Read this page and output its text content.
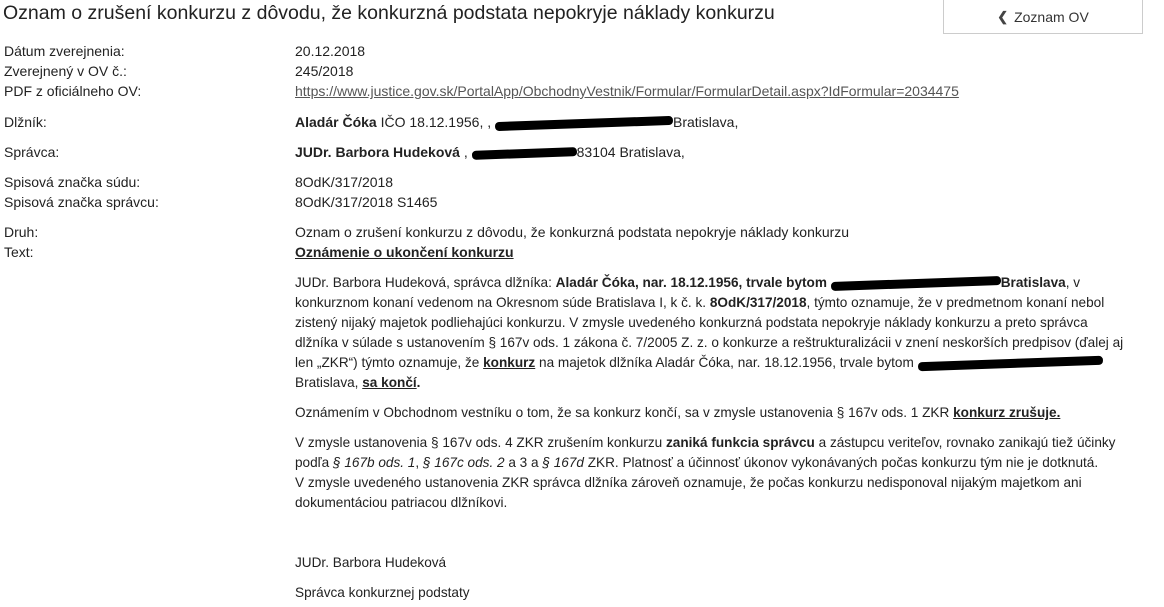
Oznam o zrušení konkurzu z dôvodu, že konkurzná podstata nepokryje náklady konkurzu	❮ Zoznam OV
Dátum zverejnenia:	20.12.2018
Zverejnený v OV č.:	245/2018
PDF z oficiálneho OV:	https://www.justice.gov.sk/PortalApp/ObchodnyVestnik/Formular/FormularDetail.aspx?IdFormular=2034475
Dlžník:	Aladár Čóka IČO 18.12.1956, ,	Bratislava,
Správca:	JUDr. Barbora Hudeková ,	83104 Bratislava,
Spisová značka súdu:	8OdK/317/2018
Spisová značka správcu:	8OdK/317/2018 S1465
Druh:	Oznam o zrušení konkurzu z dôvodu, že konkurzná podstata nepokryje náklady konkurzu
Text:	Oznámenie o ukončení konkurzu
JUDr. Barbora Hudeková, správca dlžníka: Aladár Čóka, nar. 18.12.1956, trvale bytom	Bratislava, v
konkurznom konaní vedenom na Okresnom súde Bratislava I, k č. k. 8OdK/317/2018, týmto oznamuje, že v predmetnom konaní nebol
zistený nijaký majetok podliehajúci konkurzu. V zmysle uvedeného konkurzná podstata nepokryje náklady konkurzu a preto správca
dlžníka v súlade s ustanovením § 167v ods. 1 zákona č. 7/2005 Z. z. o konkurze a reštrukturalizácii v znení neskorších predpisov (ďalej aj
len „ZKR“) týmto oznamuje, že konkurz na majetok dlžníka Aladár Čóka, nar. 18.12.1956, trvale bytom
Bratislava, sa končí.
Oznámením v Obchodnom vestníku o tom, že sa konkurz končí, sa v zmysle ustanovenia § 167v ods. 1 ZKR konkurz zrušuje.
V zmysle ustanovenia § 167v ods. 4 ZKR zrušením konkurzu zaniká funkcia správcu a zástupcu veriteľov, rovnako zanikajú tiež účinky
podľa § 167b ods. 1, § 167c ods. 2 a 3 a § 167d ZKR. Platnosť a účinnosť úkonov vykonávaných počas konkurzu tým nie je dotknutá.
V zmysle uvedeného ustanovenia ZKR správca dlžníka zároveň oznamuje, že počas konkurzu nedisponoval nijakým majetkom ani
dokumentáciou patriacou dlžníkovi.
JUDr. Barbora Hudeková
Správca konkurznej podstaty
